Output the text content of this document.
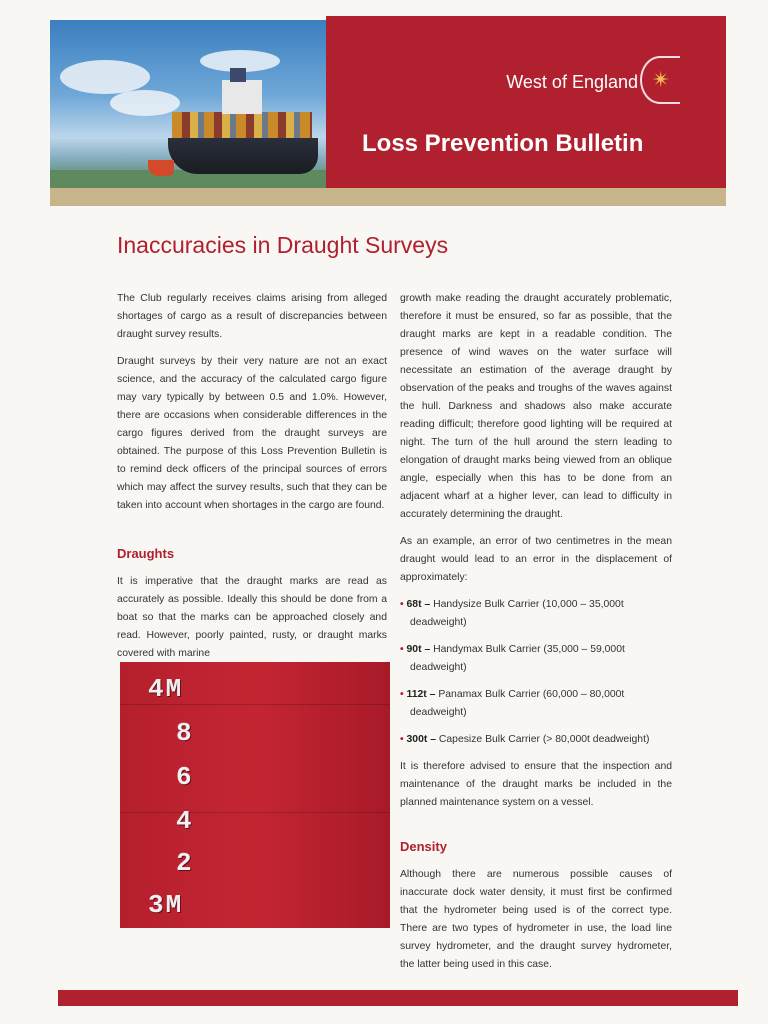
West of England ✴
Loss Prevention Bulletin
Inaccuracies in Draught Surveys

The Club regularly receives claims arising from alleged shortages of cargo as a result of discrepancies between draught survey results.

Draught surveys by their very nature are not an exact science, and the accuracy of the calculated cargo figure may vary typically by between 0.5 and 1.0%. However, there are occasions when considerable differences in the cargo figures derived from the draught surveys are obtained. The purpose of this Loss Prevention Bulletin is to remind deck officers of the principal sources of errors which may affect the survey results, such that they can be taken into account when shortages in the cargo are found.

Draughts

It is imperative that the draught marks are read as accurately as possible. Ideally this should be done from a boat so that the marks can be approached closely and read. However, poorly painted, rusty, or draught marks covered with marine

growth make reading the draught accurately problematic, therefore it must be ensured, so far as possible, that the draught marks are kept in a readable condition. The presence of wind waves on the water surface will necessitate an estimation of the average draught by observation of the peaks and troughs of the waves against the hull. Darkness and shadows also make accurate reading difficult; therefore good lighting will be required at night. The turn of the hull around the stern leading to elongation of draught marks being viewed from an oblique angle, especially when this has to be done from an adjacent wharf at a higher lever, can lead to difficulty in accurately determining the draught.

As an example, an error of two centimetres in the mean draught would lead to an error in the displacement of approximately:

• 68t – Handysize Bulk Carrier (10,000 – 35,000t deadweight)

• 90t – Handymax Bulk Carrier (35,000 – 59,000t deadweight)

• 112t – Panamax Bulk Carrier (60,000 – 80,000t deadweight)

• 300t – Capesize Bulk Carrier (> 80,000t deadweight)

It is therefore advised to ensure that the inspection and maintenance of the draught marks be included in the planned maintenance system on a vessel.

Density

Although there are numerous possible causes of inaccurate dock water density, it must first be confirmed that the hydrometer being used is of the correct type. There are two types of hydrometer in use, the load line survey hydrometer, and the draught survey hydrometer, the latter being used in this case.

4M
8
6
4
2
3M
